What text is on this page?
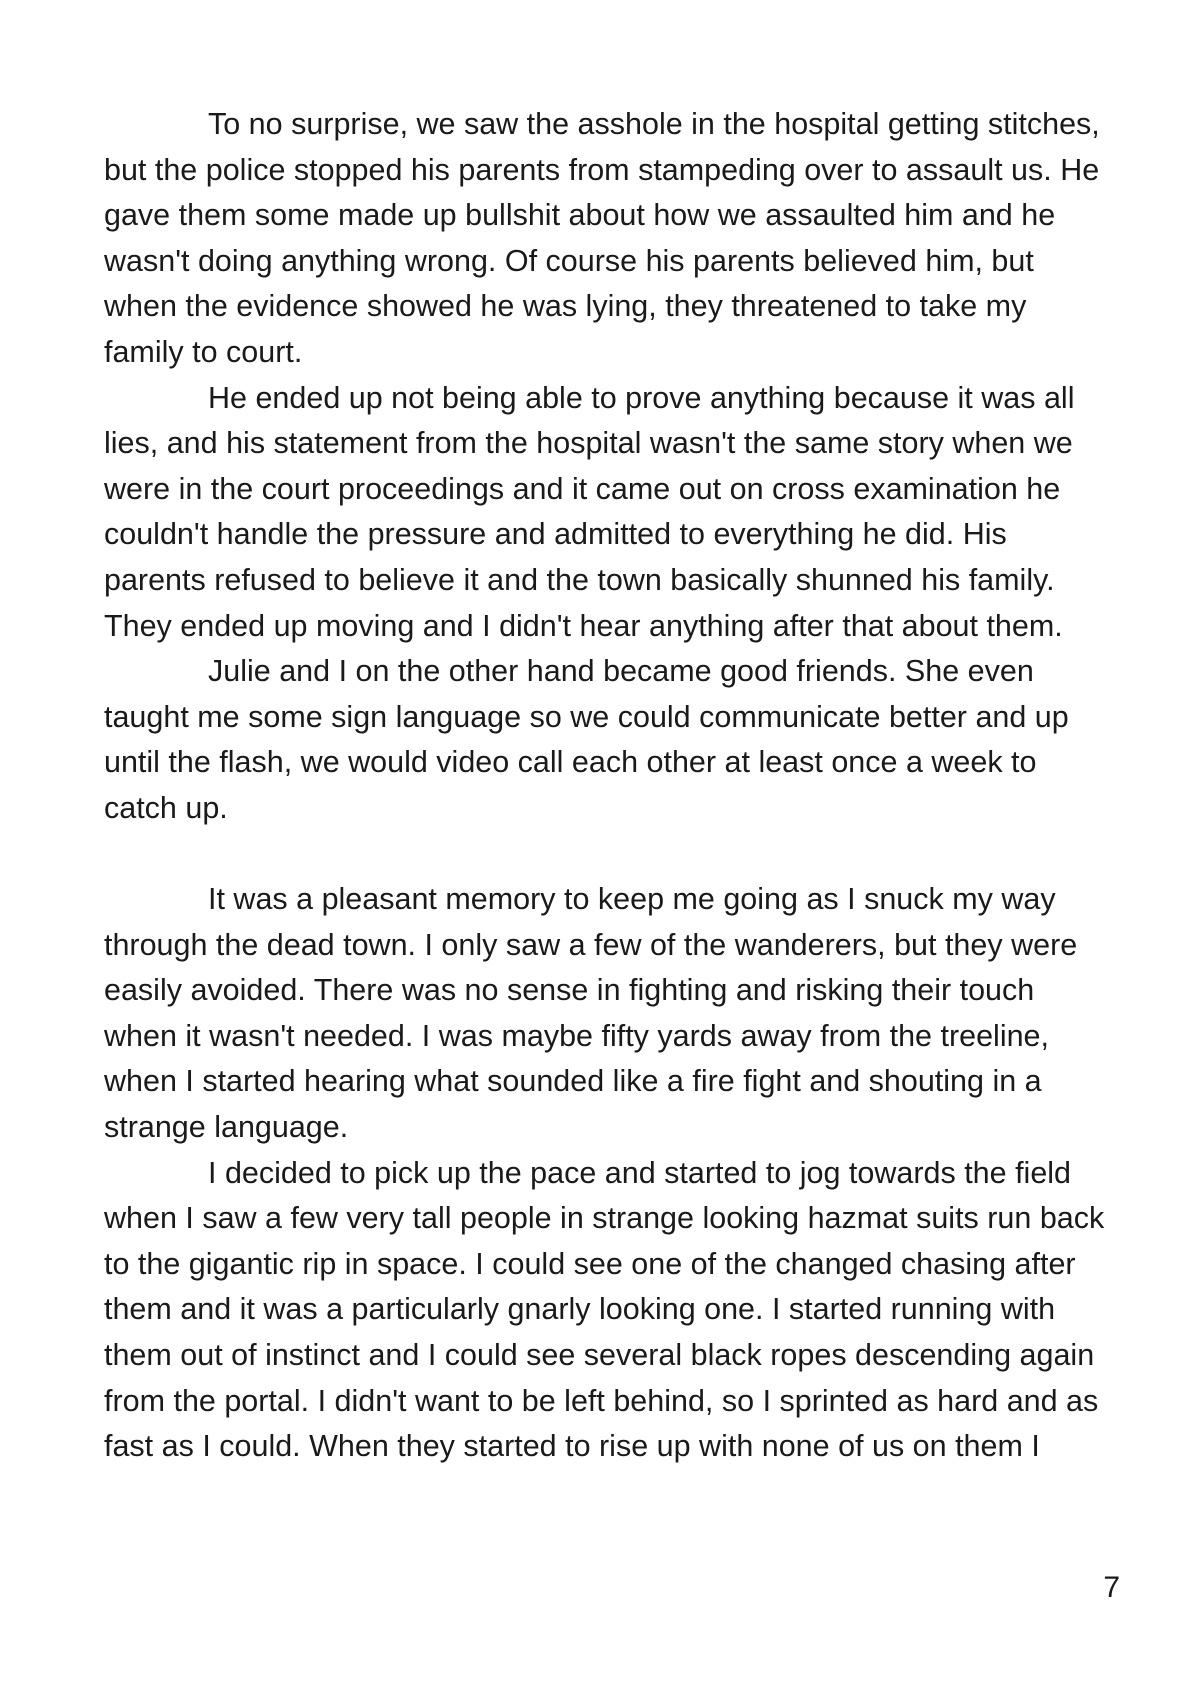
To no surprise, we saw the asshole in the hospital getting stitches, but the police stopped his parents from stampeding over to assault us. He gave them some made up bullshit about how we assaulted him and he wasn't doing anything wrong. Of course his parents believed him, but when the evidence showed he was lying, they threatened to take my family to court.

He ended up not being able to prove anything because it was all lies, and his statement from the hospital wasn't the same story when we were in the court proceedings and it came out on cross examination he couldn't handle the pressure and admitted to everything he did. His parents refused to believe it and the town basically shunned his family. They ended up moving and I didn't hear anything after that about them.

Julie and I on the other hand became good friends. She even taught me some sign language so we could communicate better and up until the flash, we would video call each other at least once a week to catch up.

It was a pleasant memory to keep me going as I snuck my way through the dead town. I only saw a few of the wanderers, but they were easily avoided. There was no sense in fighting and risking their touch when it wasn't needed. I was maybe fifty yards away from the treeline, when I started hearing what sounded like a fire fight and shouting in a strange language.

I decided to pick up the pace and started to jog towards the field when I saw a few very tall people in strange looking hazmat suits run back to the gigantic rip in space. I could see one of the changed chasing after them and it was a particularly gnarly looking one. I started running with them out of instinct and I could see several black ropes descending again from the portal. I didn't want to be left behind, so I sprinted as hard and as fast as I could. When they started to rise up with none of us on them I

7
